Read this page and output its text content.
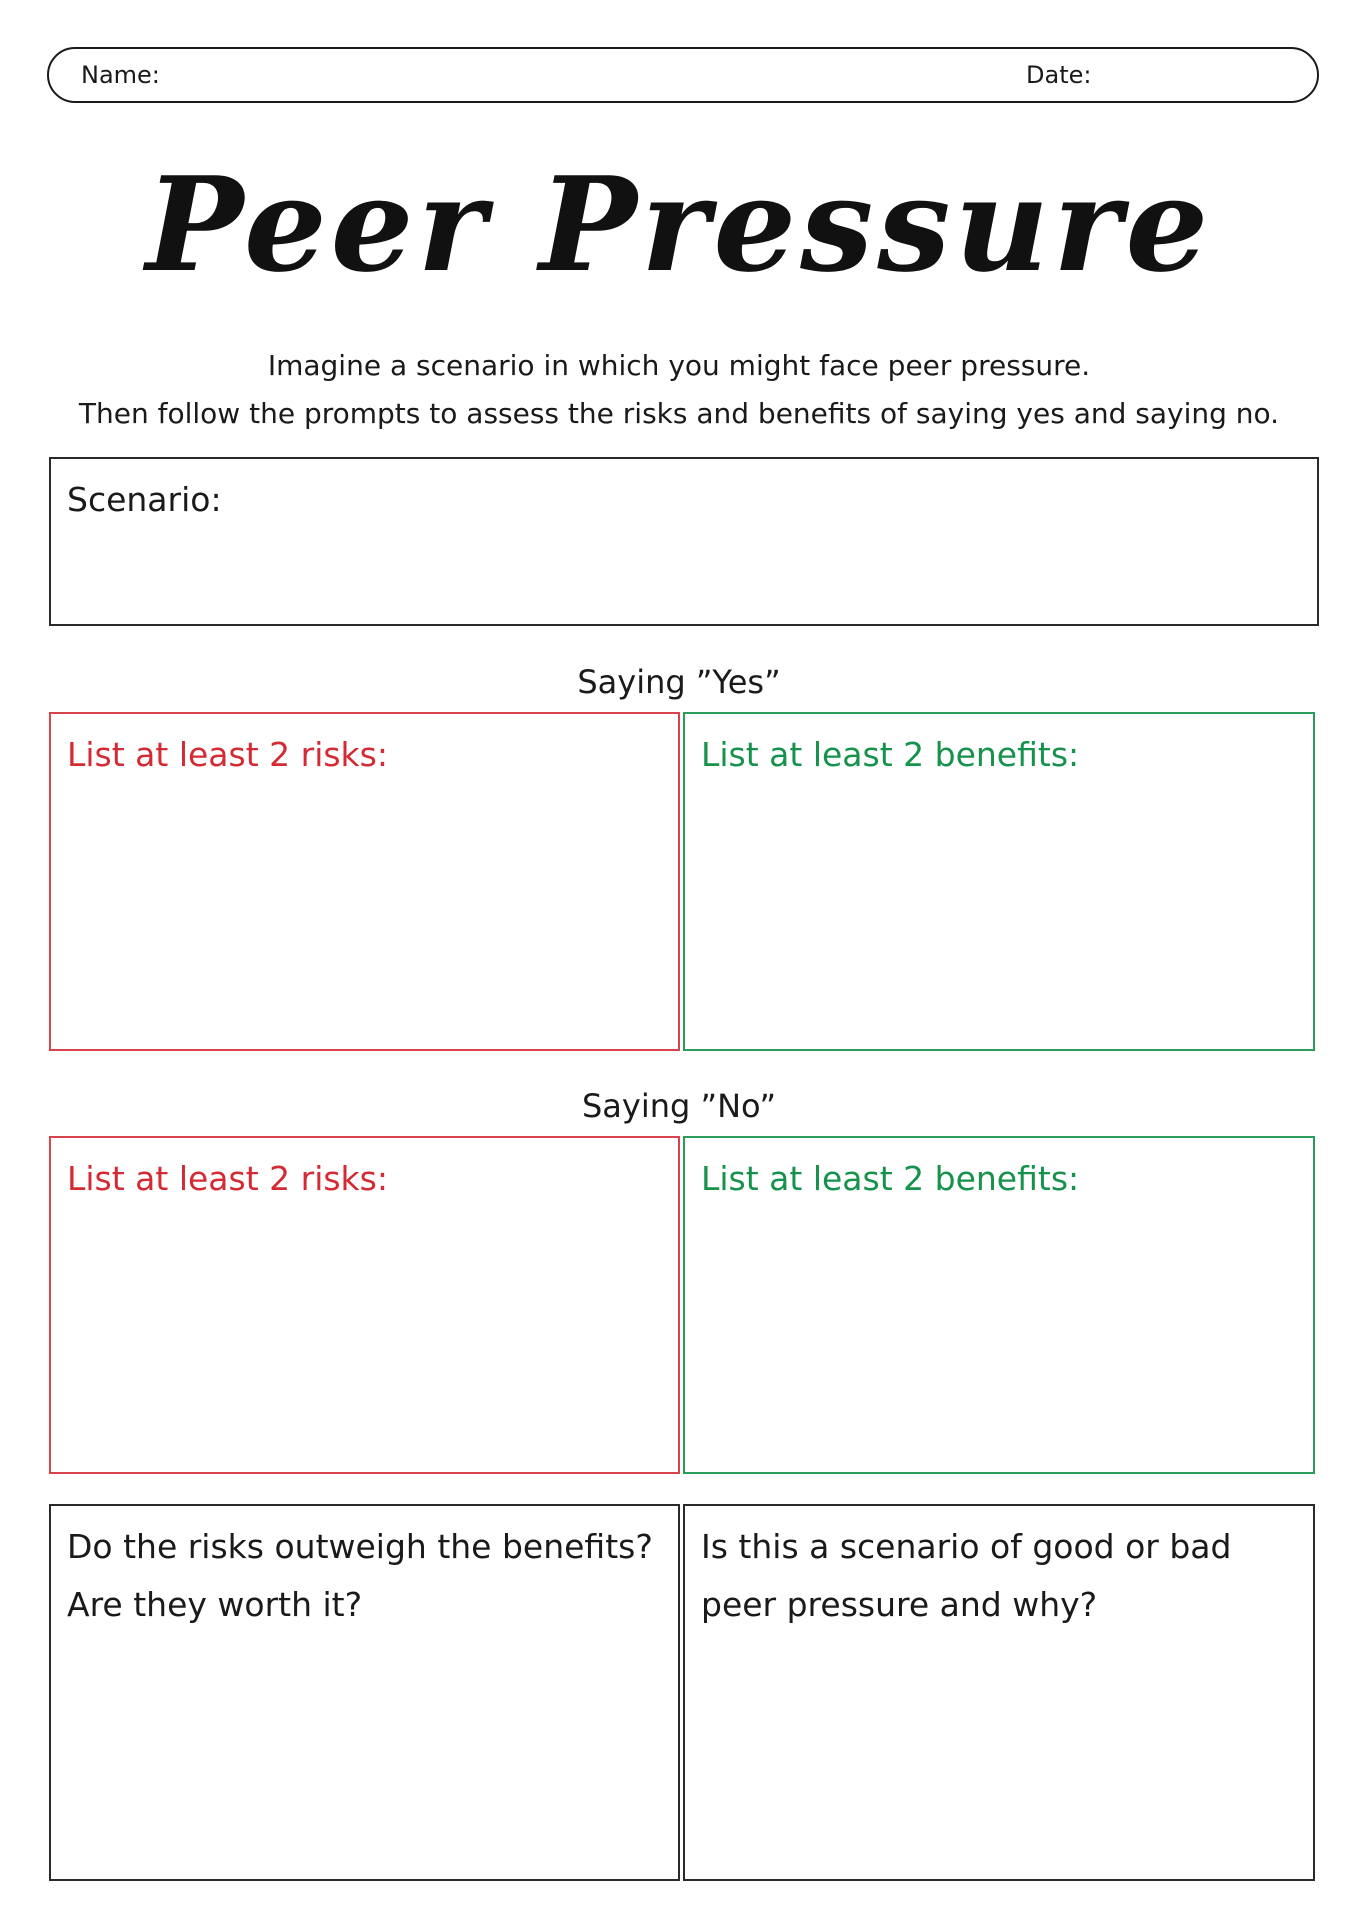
Name:	Date:
Peer Pressure
Imagine a scenario in which you might face peer pressure.
Then follow the prompts to assess the risks and benefits of saying yes and saying no.

Scenario:

Saying ”Yes”

List at least 2 risks:	List at least 2 benefits:

Saying ”No”

List at least 2 risks:	List at least 2 benefits:

Do the risks outweigh the benefits?
Are they worth it?
Is this a scenario of good or bad
peer pressure and why?
